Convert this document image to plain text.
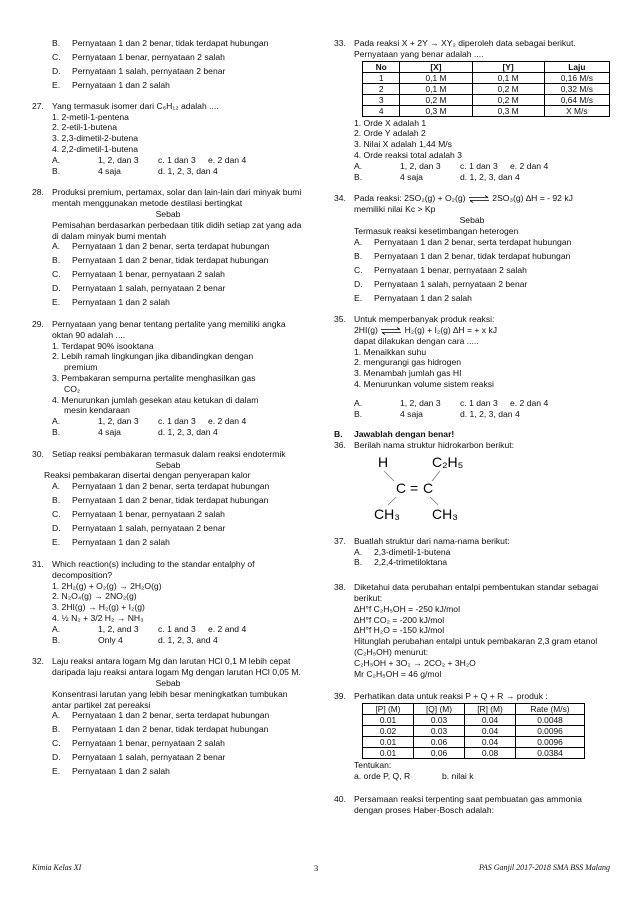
B.	Pernyataan 1 dan 2 benar, tidak terdapat hubungan
C.	Pernyataan 1 benar, pernyataan 2 salah
D.	Pernyataan 1 salah, pernyataan 2 benar
E.	Pernyataan 1 dan 2 salah
27. Yang termasuk isomer dari C₆H₁₂ adalah ....
1. 2-metil-1-pentena
2. 2-etil-1-butena
3. 2,3-dimetil-2-butena
4. 2,2-dimetil-1-butena
A.	1, 2, dan 3	c. 1 dan 3	e. 2 dan 4
B.	4 saja	d. 1, 2, 3, dan 4
28. Produksi premium, pertamax, solar dan lain-lain dari minyak bumi mentah menggunakan metode destilasi bertingkat
Sebab
Pemisahan berdasarkan perbedaan titik didih setiap zat yang ada di dalam minyak bumi mentah
A.	Pernyataan 1 dan 2 benar, serta terdapat hubungan
B.	Pernyataan 1 dan 2 benar, tidak terdapat hubungan
C.	Pernyataan 1 benar, pernyataan 2 salah
D.	Pernyataan 1 salah, pernyataan 2 benar
E.	Pernyataan 1 dan 2 salah
29. Pernyataan yang benar tentang pertalite yang memiliki angka oktan 90 adalah ....
1. Terdapat 90% isooktana
2. Lebih ramah lingkungan jika dibandingkan dengan
premium
3. Pembakaran sempurna pertalite menghasilkan gas
CO₂
4. Menurunkan jumlah gesekan atau ketukan di dalam
mesin kendaraan
A.	1, 2, dan 3	c. 1 dan 3	e. 2 dan 4
B.	4 saja	d. 1, 2, 3, dan 4
30. Setiap reaksi pembakaran termasuk dalam reaksi endotermik
Sebab
Reaksi pembakaran disertai dengan penyerapan kalor
A.	Pernyataan 1 dan 2 benar, serta terdapat hubungan
B.	Pernyataan 1 dan 2 benar, tidak terdapat hubungan
C.	Pernyataan 1 benar, pernyataan 2 salah
D.	Pernyataan 1 salah, pernyataan 2 benar
E.	Pernyataan 1 dan 2 salah
31. Which reaction(s) including to the standar entalphy of decomposition?
1. 2H₂(g) + O₂(g) → 2H₂O(g)
2. N₂O₄(g) → 2NO₂(g)
3. 2HI(g) → H₂(g) + I₂(g)
4. ½ N₂ + 3/2 H₂ → NH₃
A.	1, 2, and 3	c. 1 and 3	e. 2 and 4
B.	Only 4	d. 1, 2, 3, and 4
32. Laju reaksi antara logam Mg dan larutan HCl 0,1 M lebih cepat daripada laju reaksi antara logam Mg dengan larutan HCl 0,05 M.
Sebab
Konsentrasi larutan yang lebih besar meningkatkan tumbukan antar partikel zat pereaksi
A.	Pernyataan 1 dan 2 benar, serta terdapat hubungan
B.	Pernyataan 1 dan 2 benar, tidak terdapat hubungan
C.	Pernyataan 1 benar, pernyataan 2 salah
D.	Pernyataan 1 salah, pernyataan 2 benar
E.	Pernyataan 1 dan 2 salah
33. Pada reaksi X + 2Y → XY₂ diperoleh data sebagai berikut. Pernyataan yang benar adalah ....
No	[X]	[Y]	Laju
1	0,1 M	0,1 M	0,16 M/s
2	0,1 M	0,2 M	0,32 M/s
3	0,2 M	0,2 M	0,64 M/s
4	0,3 M	0,3 M	X M/s
1. Orde X adalah 1
2. Orde Y adalah 2
3. Nilai X adalah 1,44 M/s
4. Orde reaksi total adalah 3
A.	1, 2, dan 3	c. 1 dan 3	e. 2 dan 4
B.	4 saja	d. 1, 2, 3, dan 4
34. Pada reaksi: 2SO₂(g) + O₂(g) ⇌ 2SO₃(g) ∆H = - 92 kJ
memiliki nilai Kc > Kp
Sebab
Termasuk reaksi kesetimbangan heterogen
A.	Pernyataan 1 dan 2 benar, serta terdapat hubungan
B.	Pernyataan 1 dan 2 benar, tidak terdapat hubungan
C.	Pernyataan 1 benar, pernyataan 2 salah
D.	Pernyataan 1 salah, pernyataan 2 benar
E.	Pernyataan 1 dan 2 salah
35. Untuk memperbanyak produk reaksi:
2HI(g) ⇌ H₂(g) + I₂(g) ∆H = + x kJ
dapat dilakukan dengan cara .....
1. Menaikkan suhu
2. mengurangi gas hidrogen
3. Menambah jumlah gas HI
4. Menurunkan volume sistem reaksi
A.	1, 2, dan 3	c. 1 dan 3	e. 2 dan 4
B.	4 saja	d. 1, 2, 3, dan 4
B.	Jawablah dengan benar!
36. Berilah nama struktur hidrokarbon berikut:
H	C₂H₅
C = C
CH₃ CH₃
37. Buatlah struktur dari nama-nama berikut:
A.	2,3-dimetil-1-butena
B.	2,2,4-trimetiloktana
38. Diketahui data perubahan entalpi pembentukan standar sebagai berikut:
∆H°f C₂H₅OH = -250 kJ/mol
∆H°f CO₂ = -200 kJ/mol
∆H°f H₂O = -150 kJ/mol
Hitunglah perubahan entalpi untuk pembakaran 2,3 gram etanol (C₂H₅OH) menurut:
C₂H₅OH + 3O₂ → 2CO₂ + 3H₂O
Mr C₂H₅OH = 46 g/mol
39. Perhatikan data untuk reaksi P + Q + R → produk :
[P] (M)	[Q] (M)	[R] (M)	Rate (M/s)
0.01	0.03	0.04	0.0048
0.02	0.03	0.04	0.0096
0.01	0.06	0.04	0.0096
0.01	0.06	0.08	0.0384
Tentukan:
a. orde P, Q, R	b. nilai k
40. Persamaan reaksi terpenting saat pembuatan gas ammonia dengan proses Haber-Bosch adalah:
Kimia Kelas XI	3	PAS Ganjil 2017-2018 SMA BSS Malang
